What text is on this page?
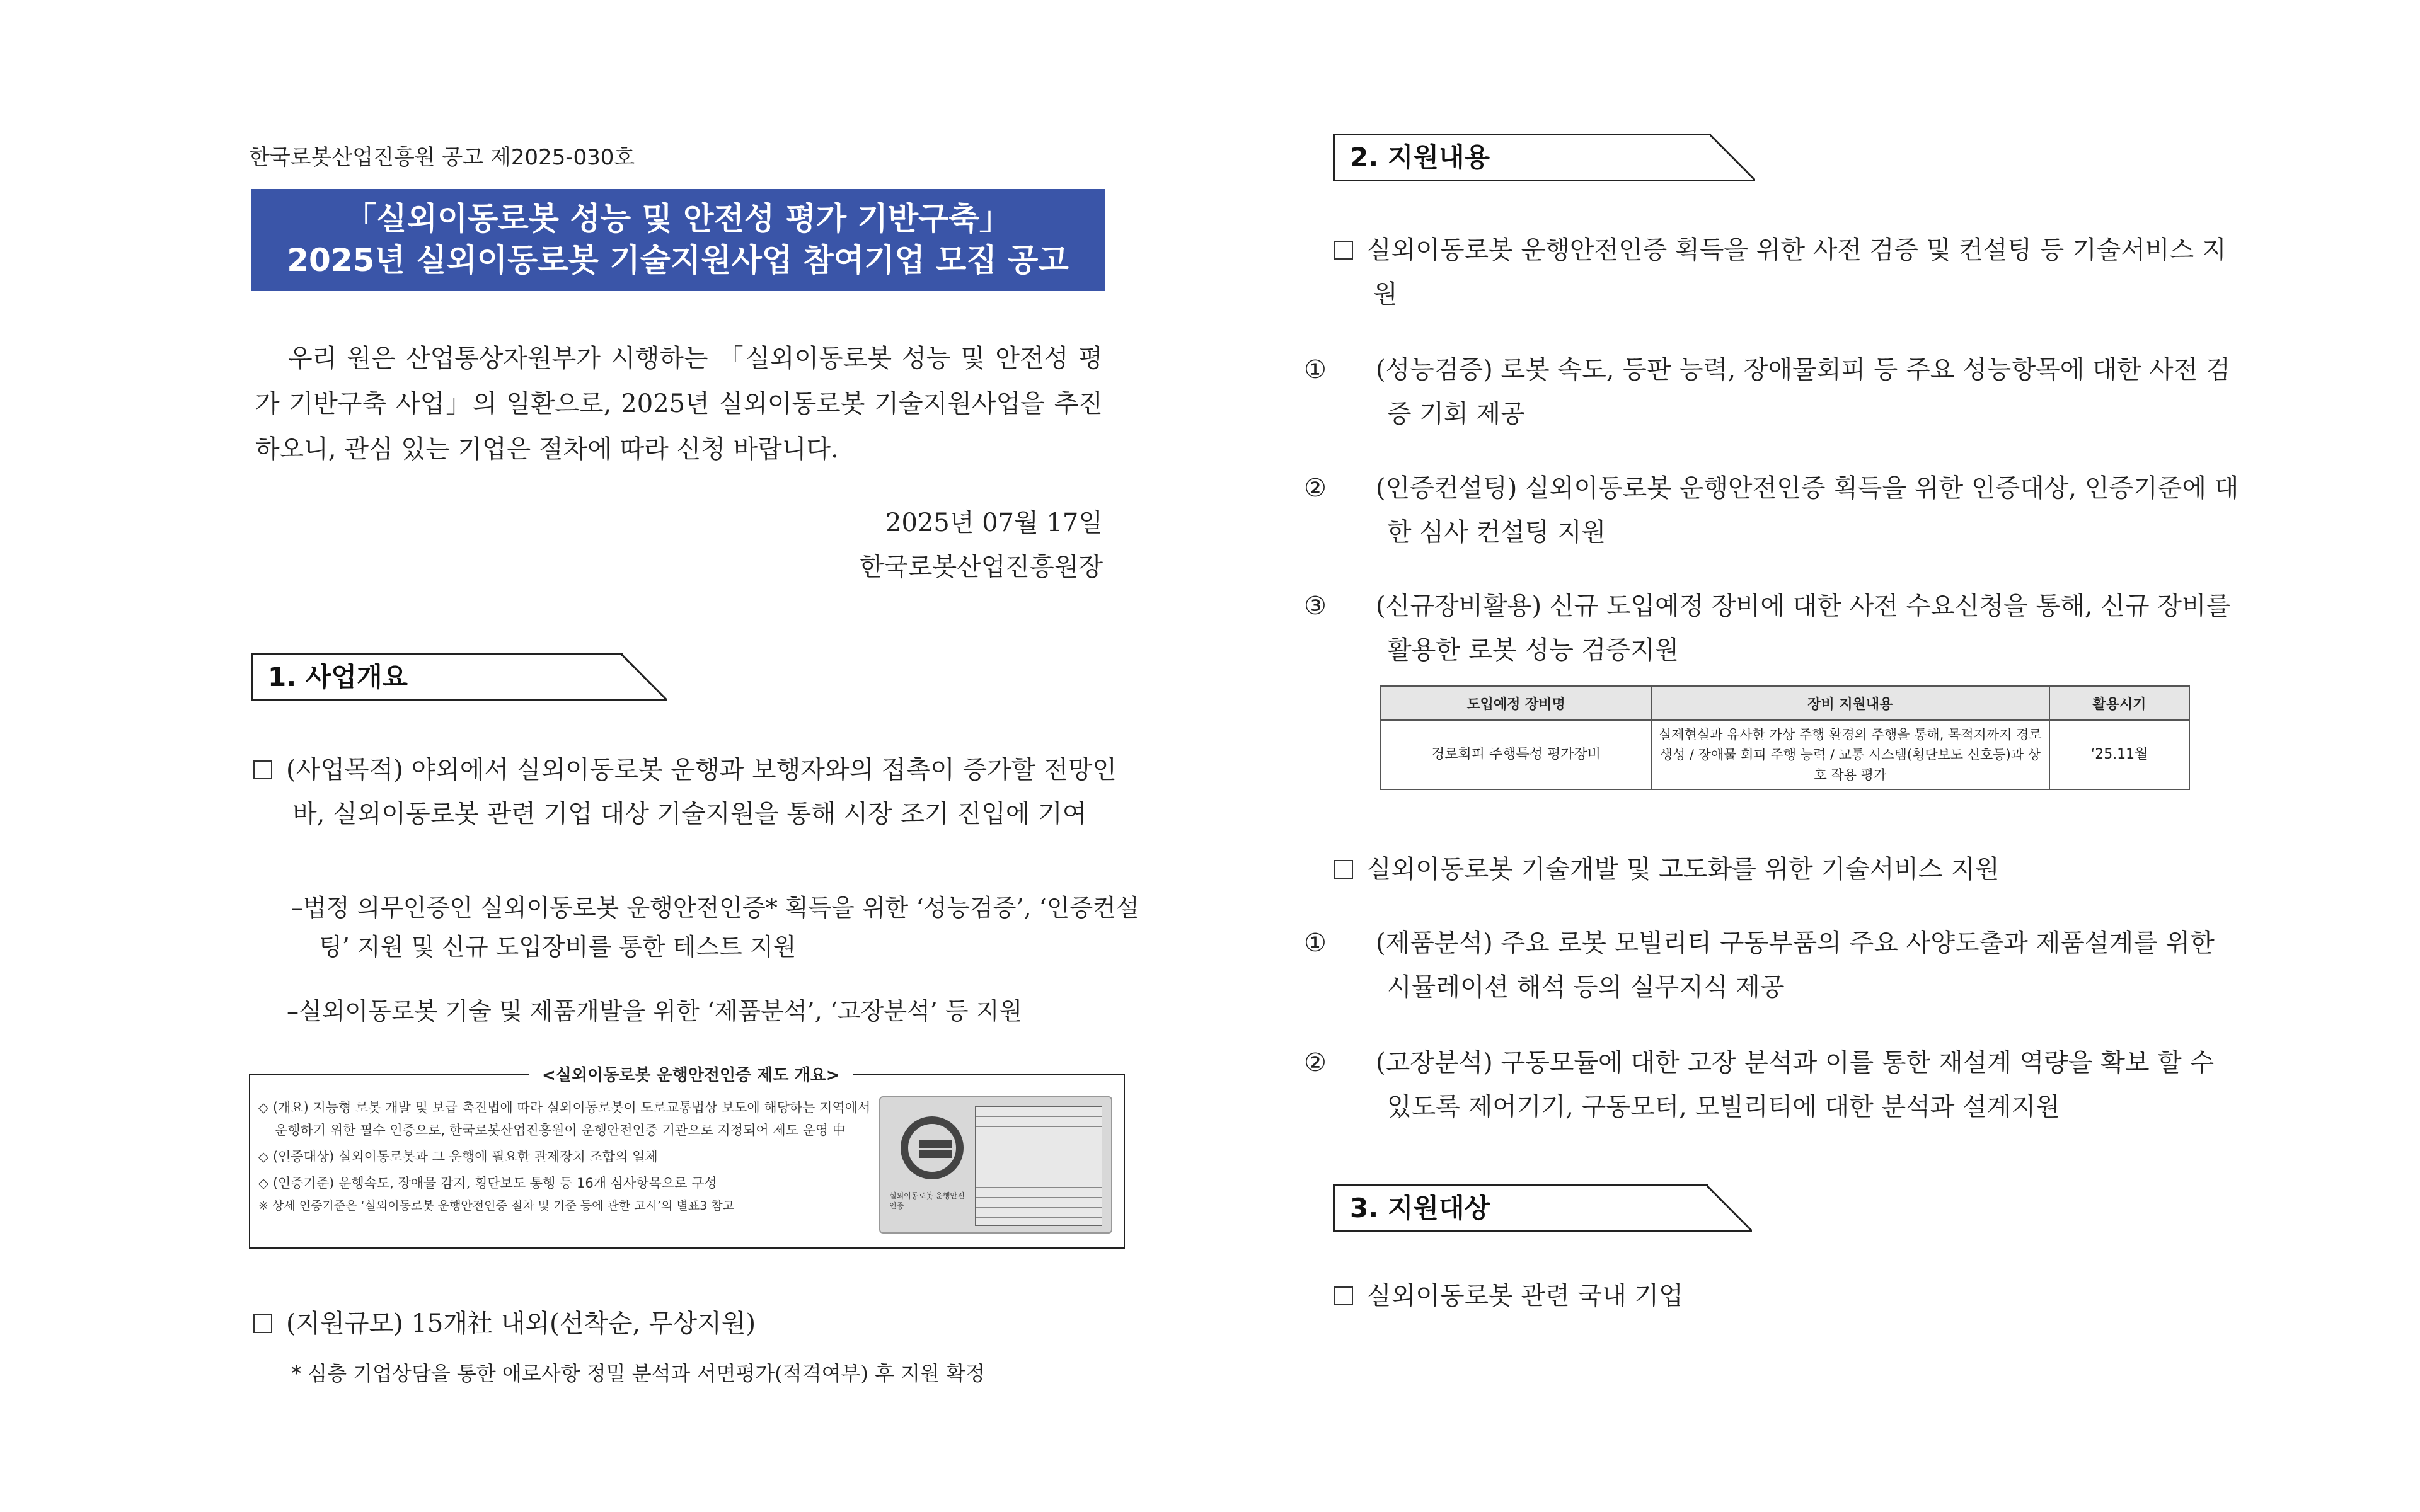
한국로봇산업진흥원 공고 제2025-030호
「실외이동로봇 성능 및 안전성 평가 기반구축」
2025년 실외이동로봇 기술지원사업 참여기업 모집 공고
우리 원은 산업통상자원부가 시행하는 「실외이동로봇 성능 및 안전성 평가 기반구축 사업」의 일환으로, 2025년 실외이동로봇 기술지원사업을 추진하오니, 관심 있는 기업은 절차에 따라 신청 바랍니다.
2025년 07월 17일
한국로봇산업진흥원장
1. 사업개요
(사업목적) 야외에서 실외이동로봇 운행과 보행자와의 접촉이 증가할 전망인 바, 실외이동로봇 관련 기업 대상 기술지원을 통해 시장 조기 진입에 기여
–법정 의무인증인 실외이동로봇 운행안전인증* 획득을 위한 ‘성능검증’, ‘인증컨설팅’ 지원 및 신규 도입장비를 통한 테스트 지원
–실외이동로봇 기술 및 제품개발을 위한 ‘제품분석’, ‘고장분석’ 등 지원
<실외이동로봇 운행안전인증 제도 개요>
◇ (개요) 지능형 로봇 개발 및 보급 촉진법에 따라 실외이동로봇이 도로교통법상 보도에 해당하는 지역에서 운행하기 위한 필수 인증으로, 한국로봇산업진흥원이 운행안전인증 기관으로 지정되어 제도 운영 中
◇ (인증대상) 실외이동로봇과 그 운행에 필요한 관제장치 조합의 일체
◇ (인증기준) 운행속도, 장애물 감지, 횡단보도 통행 등 16개 심사항목으로 구성
※ 상세 인증기준은 ‘실외이동로봇 운행안전인증 절차 및 기준 등에 관한 고시’의 별표3 참고
실외이동로봇 운행안전인증
(지원규모) 15개社 내외(선착순, 무상지원)
* 심층 기업상담을 통한 애로사항 정밀 분석과 서면평가(적격여부) 후 지원 확정
2. 지원내용
실외이동로봇 운행안전인증 획득을 위한 사전 검증 및 컨설팅 등 기술서비스 지원
① (성능검증) 로봇 속도, 등판 능력, 장애물회피 등 주요 성능항목에 대한 사전 검증 기회 제공
② (인증컨설팅) 실외이동로봇 운행안전인증 획득을 위한 인증대상, 인증기준에 대한 심사 컨설팅 지원
③ (신규장비활용) 신규 도입예정 장비에 대한 사전 수요신청을 통해, 신규 장비를 활용한 로봇 성능 검증지원
도입예정 장비명	장비 지원내용	활용시기
경로회피 주행특성 평가장비	실제현실과 유사한 가상 주행 환경의 주행을 통해, 목적지까지 경로 생성 / 장애물 회피 주행 능력 / 교통 시스템(횡단보도 신호등)과 상호 작용 평가	‘25.11월
실외이동로봇 기술개발 및 고도화를 위한 기술서비스 지원
① (제품분석) 주요 로봇 모빌리티 구동부품의 주요 사양도출과 제품설계를 위한 시뮬레이션 해석 등의 실무지식 제공
② (고장분석) 구동모듈에 대한 고장 분석과 이를 통한 재설계 역량을 확보 할 수 있도록 제어기기, 구동모터, 모빌리티에 대한 분석과 설계지원
3. 지원대상
실외이동로봇 관련 국내 기업
